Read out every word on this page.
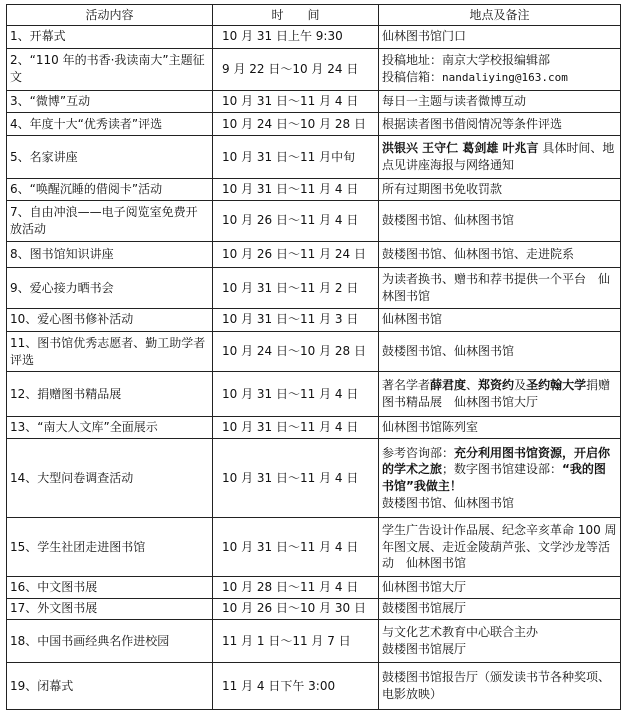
活动内容	时　　间	地点及备注
1、开幕式	10 月 31 日上午 9:30	仙林图书馆门口

2、“110 年的书香·我读南大”主题征文	9 月 22 日～10 月 24 日	投稿地址：南京大学校报编辑部
投稿信箱：nandaliying@163.com

3、“微博”互动	10 月 31 日～11 月 4 日	每日一主题与读者微博互动

4、年度十大“优秀读者”评选	10 月 24 日～10 月 28 日	根据读者图书借阅情况等条件评选

5、名家讲座	10 月 31 日～11 月中旬	洪银兴 王守仁 葛剑雄 叶兆言 具体时间、地点见讲座海报与网络通知

6、“唤醒沉睡的借阅卡”活动	10 月 31 日～11 月 4 日	所有过期图书免收罚款

7、自由冲浪——电子阅览室免费开放活动	10 月 26 日～11 月 4 日	鼓楼图书馆、仙林图书馆

8、图书馆知识讲座	10 月 26 日～11 月 24 日	鼓楼图书馆、仙林图书馆、走进院系

9、爱心接力晒书会	10 月 31 日～11 月 2 日	为读者换书、赠书和荐书提供一个平台　仙林图书馆

10、爱心图书修补活动	10 月 31 日～11 月 3 日	仙林图书馆

11、图书馆优秀志愿者、勤工助学者评选	10 月 24 日～10 月 28 日	鼓楼图书馆、仙林图书馆

12、捐赠图书精品展	10 月 31 日～11 月 4 日	著名学者薛君度、郑资约及圣约翰大学捐赠图书精品展　仙林图书馆大厅

13、“南大人文库”全面展示	10 月 31 日～11 月 4 日	仙林图书馆陈列室

14、大型问卷调查活动	10 月 31 日～11 月 4 日	参考咨询部：充分利用图书馆资源，开启你的学术之旅；数字图书馆建设部：“我的图书馆”我做主！
鼓楼图书馆、仙林图书馆

15、学生社团走进图书馆	10 月 31 日～11 月 4 日	学生广告设计作品展、纪念辛亥革命 100 周年图文展、走近金陵葫芦张、文学沙龙等活动　仙林图书馆

16、中文图书展	10 月 28 日～11 月 4 日	仙林图书馆大厅

17、外文图书展	10 月 26 日～10 月 30 日	鼓楼图书馆展厅

18、中国书画经典名作进校园	11 月 1 日～11 月 7 日	与文化艺术教育中心联合主办
鼓楼图书馆展厅

19、闭幕式	11 月 4 日下午 3:00	鼓楼图书馆报告厅（颁发读书节各种奖项、电影放映）
